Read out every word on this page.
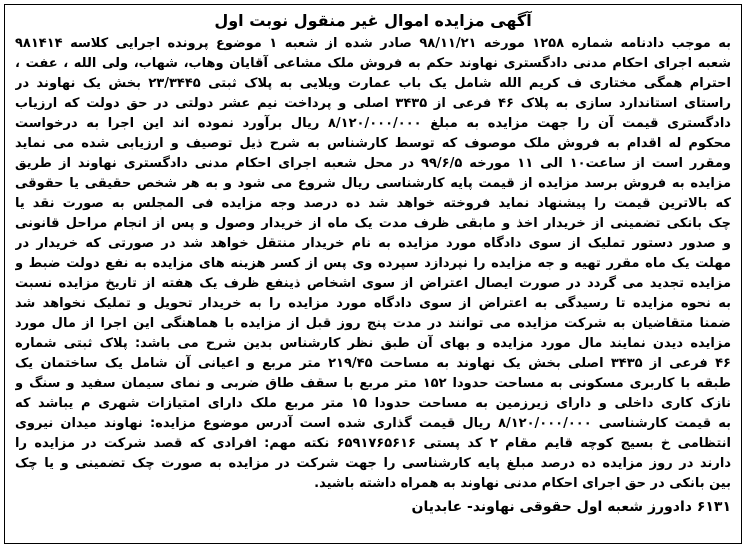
آگهی مزایده اموال غیر منقول نوبت اول
به موجب دادنامه شماره ۱۲۵۸ مورخه ۹۸/۱۱/۲۱ صادر شده از شعبه ۱ موضوع پرونده اجرایی کلاسه ۹۸۱۴۱۴
شعبه اجرای احکام مدنی دادگستری نهاوند حکم به فروش ملک مشاعی آقایان وهاب، شهاب، ولی الله ، عفت ،
احترام همگی مختاری ف کریم الله شامل یک باب عمارت ویلایی به پلاک ثبتی ۲۳/۳۴۴۵ بخش یک نهاوند در
راستای استاندارد سازی به پلاک ۴۶ فرعی از ۳۴۳۵ اصلی و پرداخت نیم عشر دولتی در حق دولت که ارزیاب
دادگستری قیمت آن را جهت مزایده به مبلغ ۸/۱۲۰/۰۰۰/۰۰۰ ریال برآورد نموده اند این اجرا به درخواست
محکوم له اقدام به فروش ملک موصوف که توسط کارشناس به شرح ذیل توصیف و ارزیابی شده می نماید
ومقرر است از ساعت۱۰ الی ۱۱ مورخه ۹۹/۶/۵ در محل شعبه اجرای احکام مدنی دادگستری نهاوند از طریق
مزایده به فروش برسد مزایده از قیمت پایه کارشناسی ریال شروع می شود و به هر شخص حقیقی یا حقوقی
که بالاترین قیمت را پیشنهاد نماید فروخته خواهد شد ده درصد وجه مزایده فی المجلس به صورت نقد یا
چک بانکی تضمینی از خریدار اخذ و مابقی ظرف مدت یک ماه از خریدار وصول و پس از انجام مراحل قانونی
و صدور دستور تملیک از سوی دادگاه مورد مزایده به نام خریدار منتقل خواهد شد در صورتی که خریدار در
مهلت یک ماه مقرر تهیه و جه مزایده را نپردازد سپرده وی پس از کسر هزینه های مزایده به نفع دولت ضبط و
مزایده تجدید می گردد در صورت ایصال اعتراض از سوی اشخاص ذینفع ظرف یک هفته از تاریخ مزایده نسبت
به نحوه مزایده تا رسیدگی به اعتراض از سوی دادگاه مورد مزایده را به خریدار تحویل و تملیک نخواهد شد
ضمنا متقاضیان به شرکت مزایده می توانند در مدت پنج روز قبل از مزایده با هماهنگی این اجرا از مال مورد
مزایده دیدن نمایند مال مورد مزایده و بهای آن طبق نظر کارشناس بدین شرح می باشد: پلاک ثبتی شماره
۴۶ فرعی از ۳۴۳۵ اصلی بخش یک نهاوند به مساحت ۲۱۹/۴۵ متر مربع و اعیانی آن شامل یک ساختمان یک
طبقه با کاربری مسکونی به مساحت حدودا ۱۵۲ متر مربع با سقف طاق ضربی و نمای سیمان سفید و سنگ و
نازک کاری داخلی و دارای زیرزمین به مساحت حدودا ۱۵ متر مربع ملک دارای امتیازات شهری م یباشد که
به قیمت کارشناسی ۸/۱۲۰/۰۰۰/۰۰۰ ریال قیمت گذاری شده است آدرس موضوع مزایده: نهاوند میدان نیروی
انتظامی خ بسیج کوچه قایم مقام ۲ کد پستی ۶۵۹۱۷۶۵۶۱۶ نکته مهم: افرادی که قصد شرکت در مزایده را
دارند در روز مزایده ده درصد مبلغ پایه کارشناسی را جهت شرکت در مزایده به صورت چک تضمینی و یا چک
بین بانکی در حق اجرای احکام مدنی نهاوند به همراه داشته باشید.
۶۱۳۱ دادورز شعبه اول حقوقی نهاوند- عابدیان
